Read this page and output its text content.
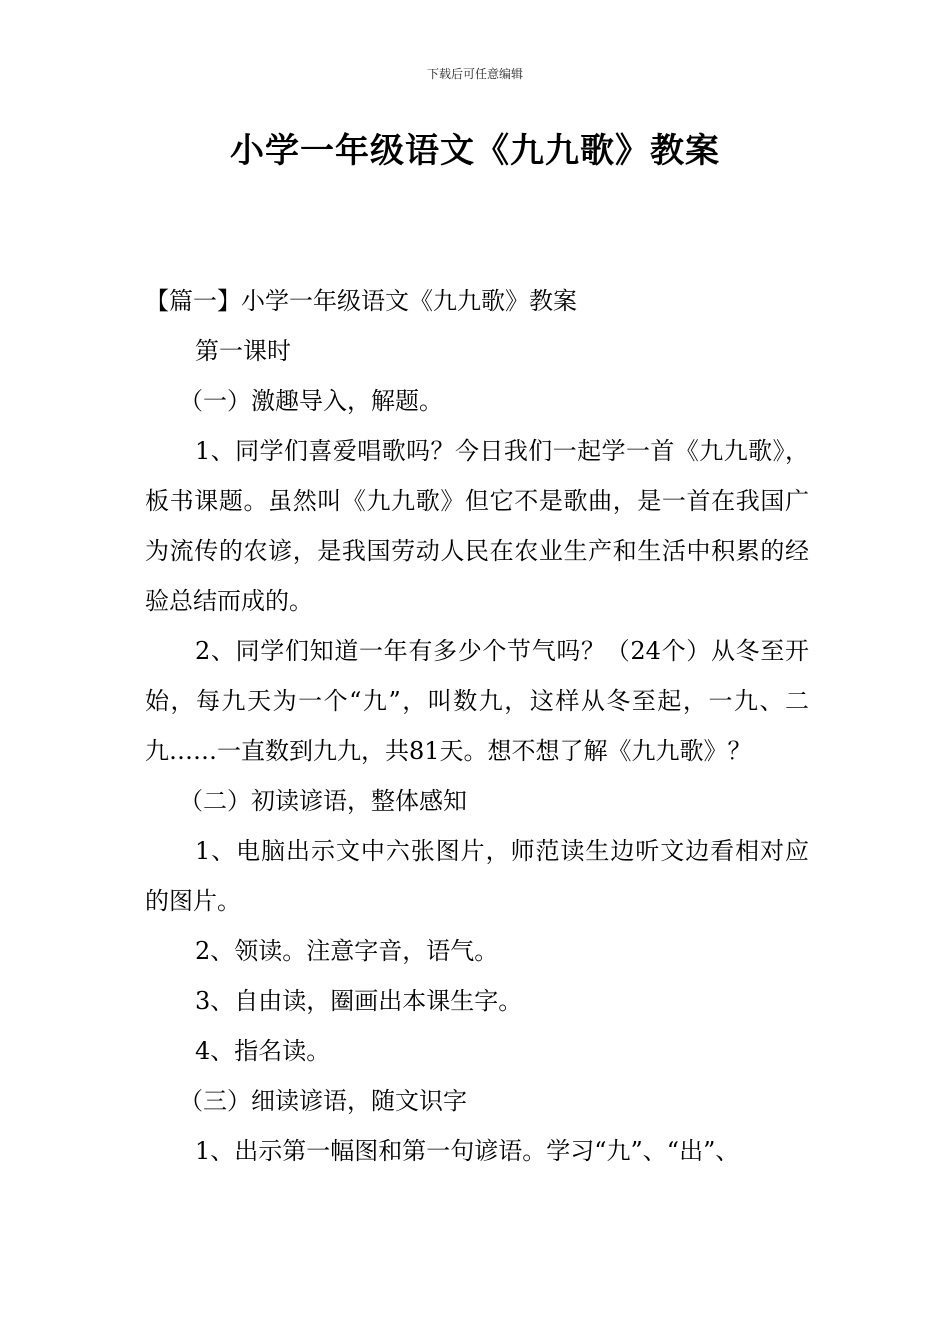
下载后可任意编辑
小学一年级语文《九九歌》教案

【篇一】小学一年级语文《九九歌》教案

第一课时

（一）激趣导入，解题。

1、同学们喜爱唱歌吗？今日我们一起学一首《九九歌》，板书课题。虽然叫《九九歌》但它不是歌曲，是一首在我国广为流传的农谚，是我国劳动人民在农业生产和生活中积累的经验总结而成的。

2、同学们知道一年有多少个节气吗？（24个）从冬至开始，每九天为一个“九”，叫数九，这样从冬至起，一九、二九……一直数到九九，共81天。想不想了解《九九歌》？

（二）初读谚语，整体感知

1、电脑出示文中六张图片，师范读生边听文边看相对应的图片。

2、领读。注意字音，语气。

3、自由读，圈画出本课生字。

4、指名读。

（三）细读谚语，随文识字

1、出示第一幅图和第一句谚语。学习“九”、“出”、
